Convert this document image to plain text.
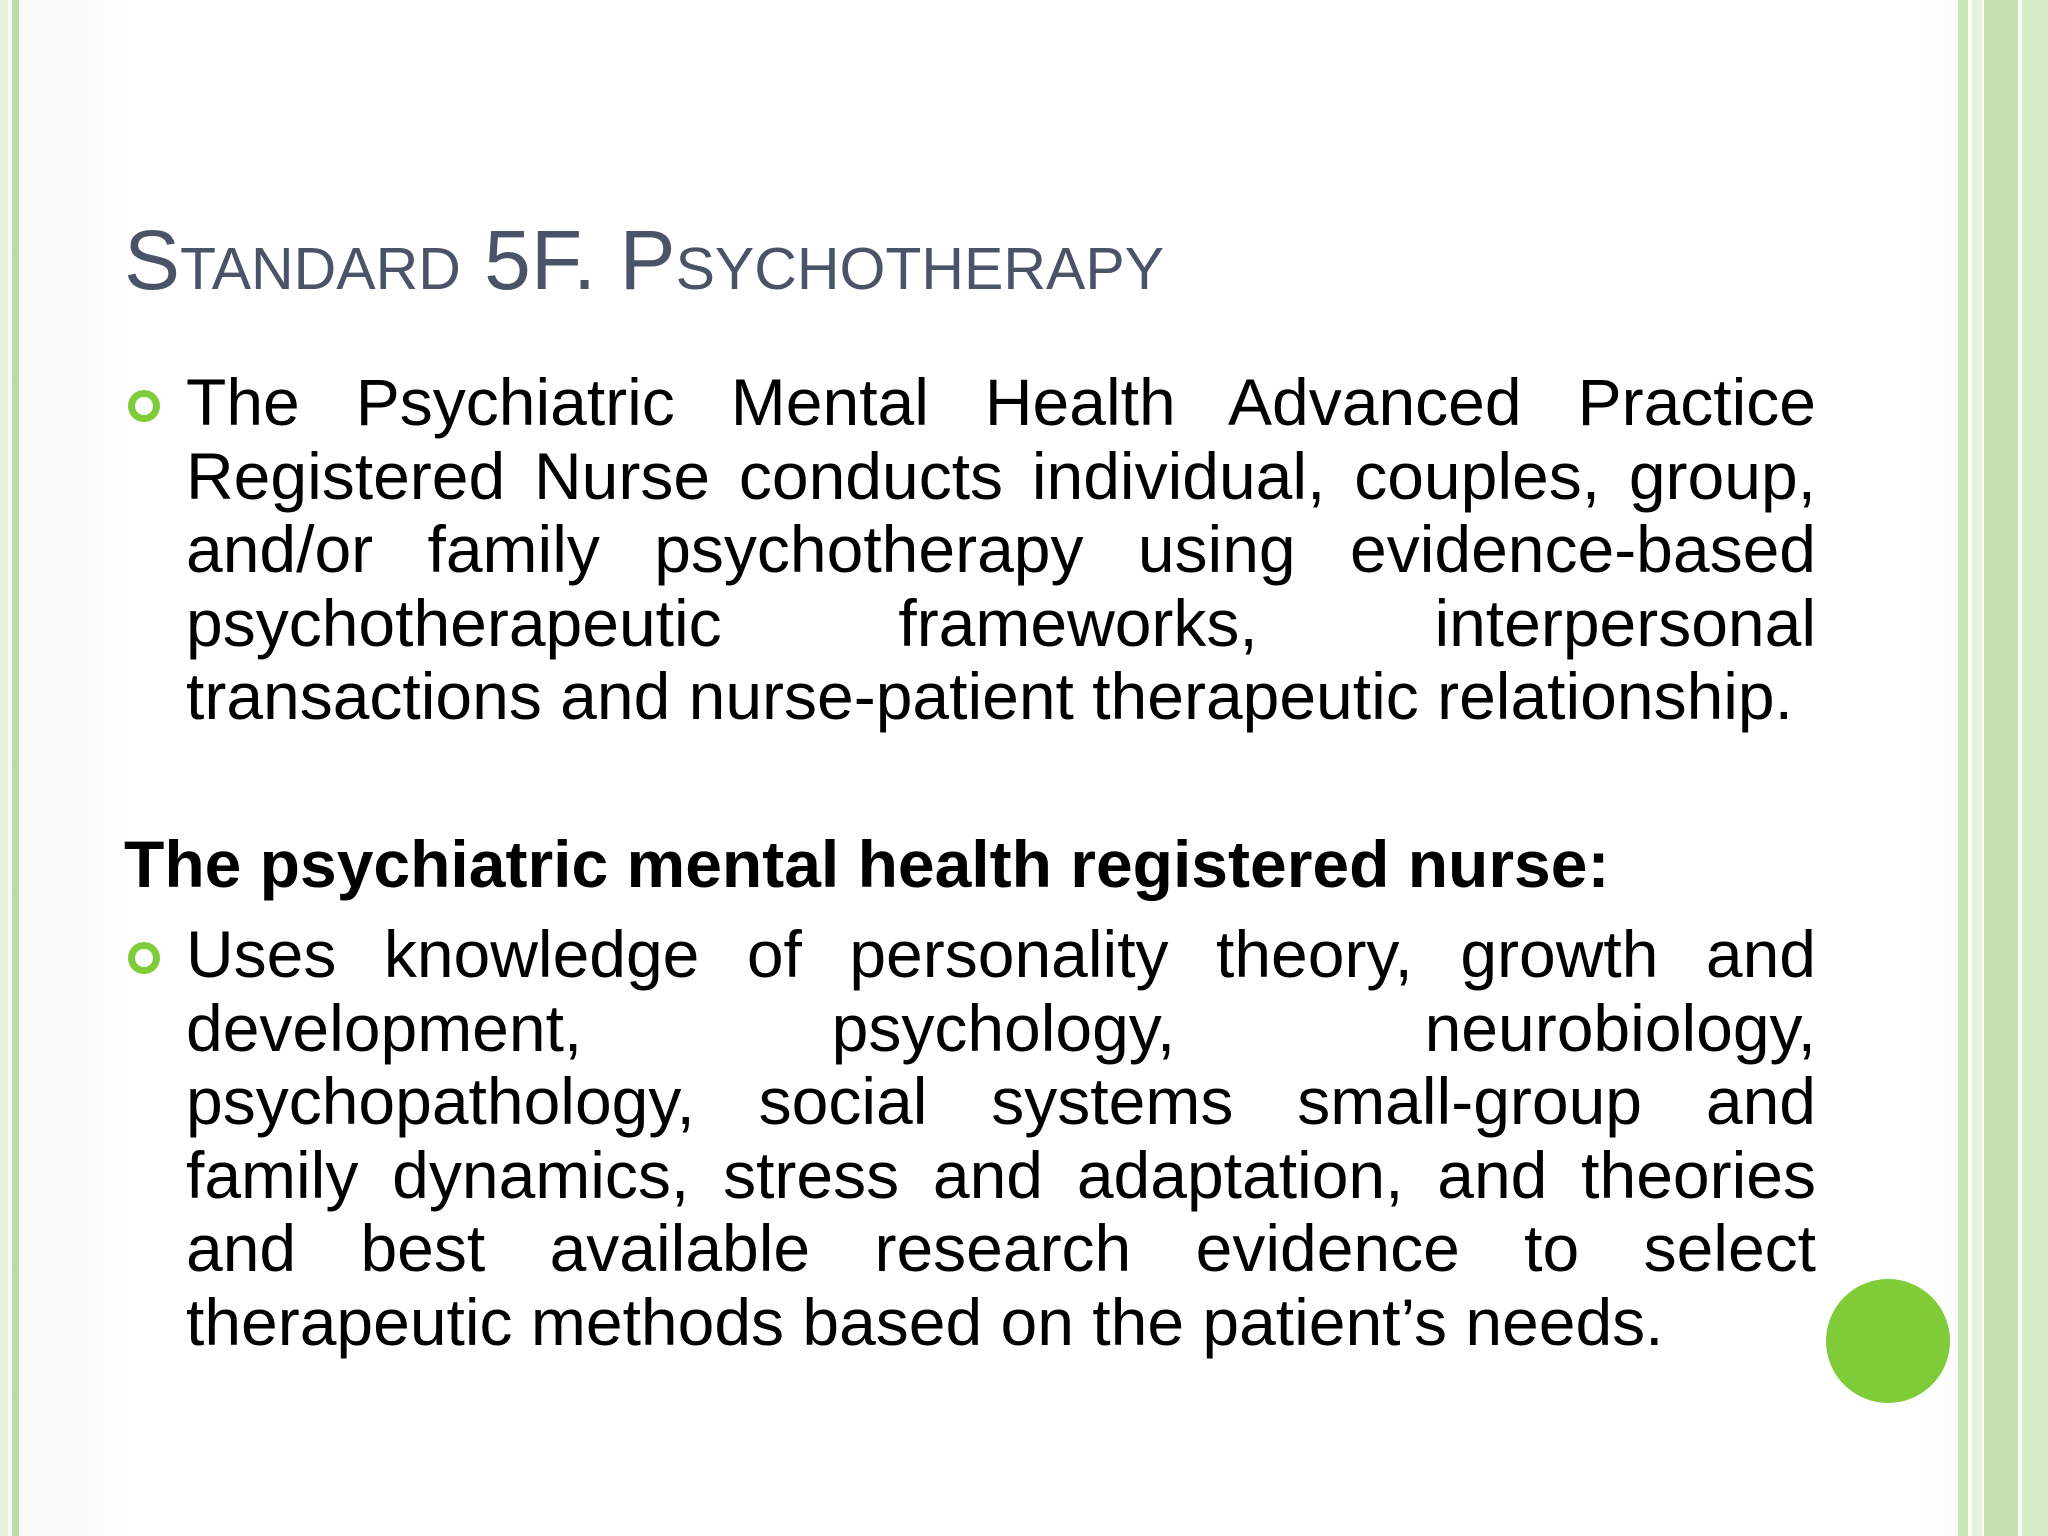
Standard 5F. Psychotherapy

The Psychiatric Mental Health Advanced Practice Registered Nurse conducts individual, couples, group, and/or family psychotherapy using evidence-based psychotherapeutic frameworks, interpersonal transactions and nurse-patient therapeutic relationship.

The psychiatric mental health registered nurse:

Uses knowledge of personality theory, growth and development, psychology, neurobiology, psychopathology, social systems small-group and family dynamics, stress and adaptation, and theories and best available research evidence to select therapeutic methods based on the patient’s needs.
